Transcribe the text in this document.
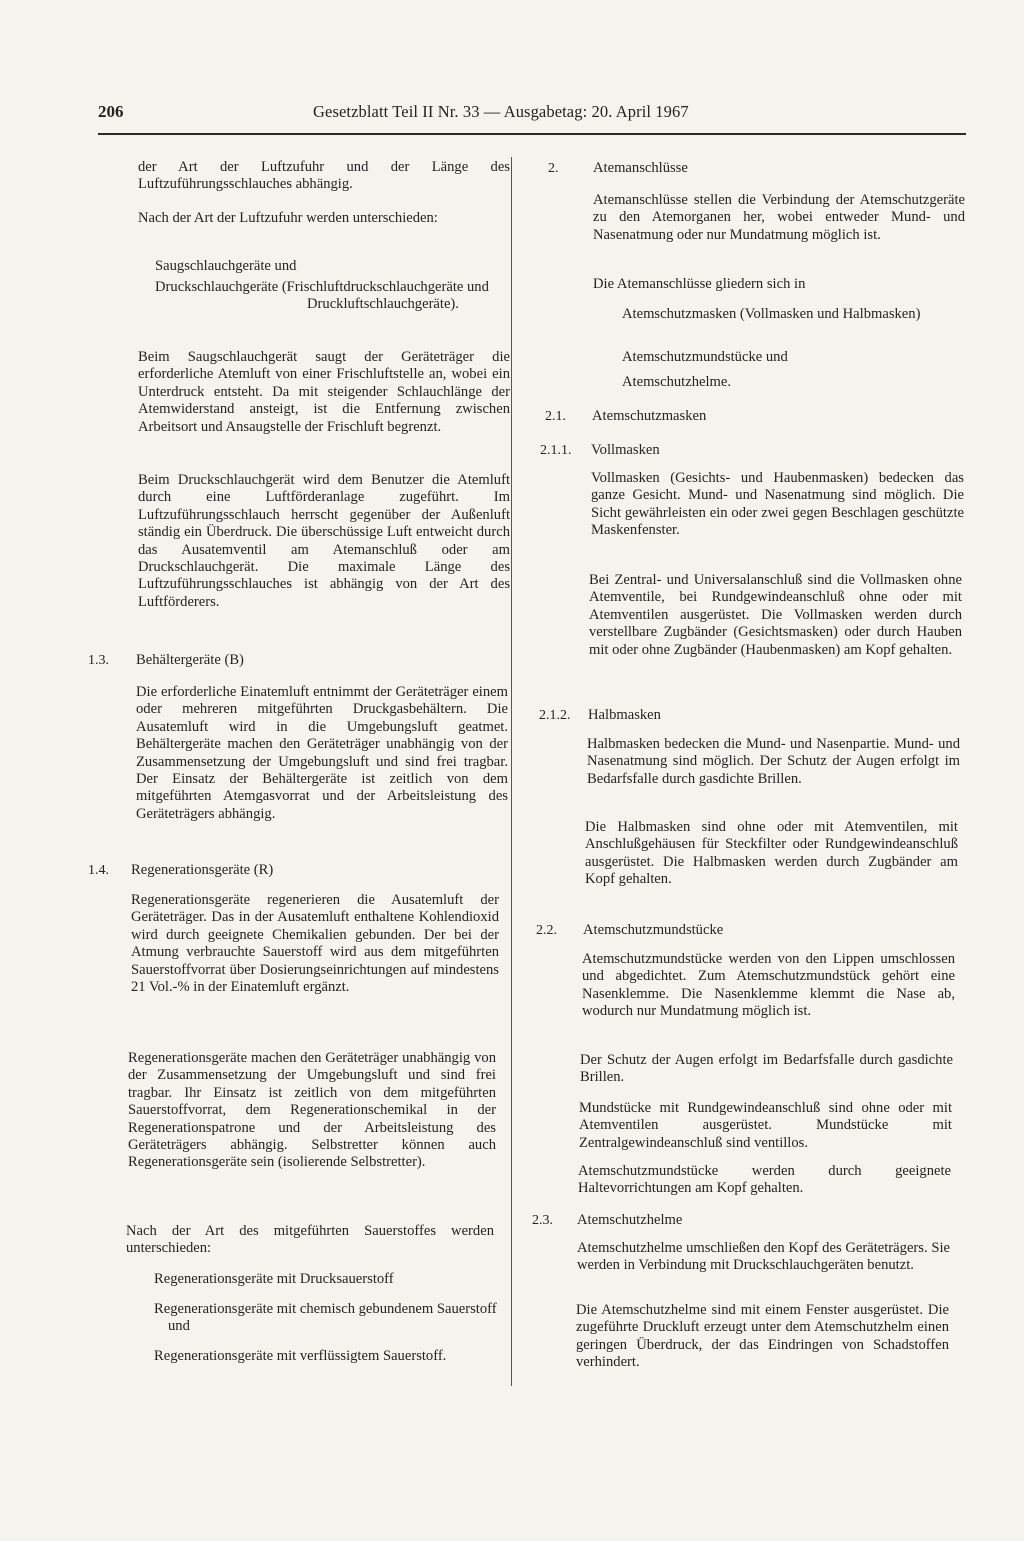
206	Gesetzblatt Teil II Nr. 33 — Ausgabetag: 20. April 1967

der Art der Luftzufuhr und der Länge des Luftzuführungsschlauches abhängig.

Nach der Art der Luftzufuhr werden unterschieden:

Saugschlauchgeräte und

Druckschlauchgeräte (Frischluftdruckschlauchgeräte und Druckluftschlauchgeräte).

Beim Saugschlauchgerät saugt der Geräteträger die erforderliche Atemluft von einer Frischluftstelle an, wobei ein Unterdruck entsteht. Da mit steigender Schlauchlänge der Atemwiderstand ansteigt, ist die Entfernung zwischen Arbeitsort und Ansaugstelle der Frischluft begrenzt.

Beim Druckschlauchgerät wird dem Benutzer die Atemluft durch eine Luftförderanlage zugeführt. Im Luftzuführungsschlauch herrscht gegenüber der Außenluft ständig ein Überdruck. Die überschüssige Luft entweicht durch das Ausatemventil am Atemanschluß oder am Druckschlauchgerät. Die maximale Länge des Luftzuführungsschlauches ist abhängig von der Art des Luftförderers.

1.3. Behältergeräte (B)

Die erforderliche Einatemluft entnimmt der Geräteträger einem oder mehreren mitgeführten Druckgasbehältern. Die Ausatemluft wird in die Umgebungsluft geatmet. Behältergeräte machen den Geräteträger unabhängig von der Zusammensetzung der Umgebungsluft und sind frei tragbar. Der Einsatz der Behältergeräte ist zeitlich von dem mitgeführten Atemgasvorrat und der Arbeitsleistung des Geräteträgers abhängig.

1.4. Regenerationsgeräte (R)

Regenerationsgeräte regenerieren die Ausatemluft der Geräteträger. Das in der Ausatemluft enthaltene Kohlendioxid wird durch geeignete Chemikalien gebunden. Der bei der Atmung verbrauchte Sauerstoff wird aus dem mitgeführten Sauerstoffvorrat über Dosierungseinrichtungen auf mindestens 21 Vol.-% in der Einatemluft ergänzt.

Regenerationsgeräte machen den Geräteträger unabhängig von der Zusammensetzung der Umgebungsluft und sind frei tragbar. Ihr Einsatz ist zeitlich von dem mitgeführten Sauerstoffvorrat, dem Regenerationschemikal in der Regenerationspatrone und der Arbeitsleistung des Geräteträgers abhängig. Selbstretter können auch Regenerationsgeräte sein (isolierende Selbstretter).

Nach der Art des mitgeführten Sauerstoffes werden unterschieden:

Regenerationsgeräte mit Drucksauerstoff

Regenerationsgeräte mit chemisch gebundenem Sauerstoff und

Regenerationsgeräte mit verflüssigtem Sauerstoff.

2. Atemanschlüsse

Atemanschlüsse stellen die Verbindung der Atemschutzgeräte zu den Atemorganen her, wobei entweder Mund- und Nasenatmung oder nur Mundatmung möglich ist.

Die Atemanschlüsse gliedern sich in

Atemschutzmasken (Vollmasken und Halbmasken)

Atemschutzmundstücke und

Atemschutzhelme.

2.1. Atemschutzmasken
2.1.1. Vollmasken

Vollmasken (Gesichts- und Haubenmasken) bedecken das ganze Gesicht. Mund- und Nasenatmung sind möglich. Die Sicht gewährleisten ein oder zwei gegen Beschlagen geschützte Maskenfenster.

Bei Zentral- und Universalanschluß sind die Vollmasken ohne Atemventile, bei Rundgewindeanschluß ohne oder mit Atemventilen ausgerüstet. Die Vollmasken werden durch verstellbare Zugbänder (Gesichtsmasken) oder durch Hauben mit oder ohne Zugbänder (Haubenmasken) am Kopf gehalten.

2.1.2. Halbmasken

Halbmasken bedecken die Mund- und Nasenpartie. Mund- und Nasenatmung sind möglich. Der Schutz der Augen erfolgt im Bedarfsfalle durch gasdichte Brillen.

Die Halbmasken sind ohne oder mit Atemventilen, mit Anschlußgehäusen für Steckfilter oder Rundgewindeanschluß ausgerüstet. Die Halbmasken werden durch Zugbänder am Kopf gehalten.

2.2. Atemschutzmundstücke

Atemschutzmundstücke werden von den Lippen umschlossen und abgedichtet. Zum Atemschutzmundstück gehört eine Nasenklemme. Die Nasenklemme klemmt die Nase ab, wodurch nur Mundatmung möglich ist.

Der Schutz der Augen erfolgt im Bedarfsfalle durch gasdichte Brillen.

Mundstücke mit Rundgewindeanschluß sind ohne oder mit Atemventilen ausgerüstet. Mundstücke mit Zentralgewindeanschluß sind ventillos.

Atemschutzmundstücke werden durch geeignete Haltevorrichtungen am Kopf gehalten.

2.3. Atemschutzhelme

Atemschutzhelme umschließen den Kopf des Geräteträgers. Sie werden in Verbindung mit Druckschlauchgeräten benutzt.

Die Atemschutzhelme sind mit einem Fenster ausgerüstet. Die zugeführte Druckluft erzeugt unter dem Atemschutzhelm einen geringen Überdruck, der das Eindringen von Schadstoffen verhindert.
